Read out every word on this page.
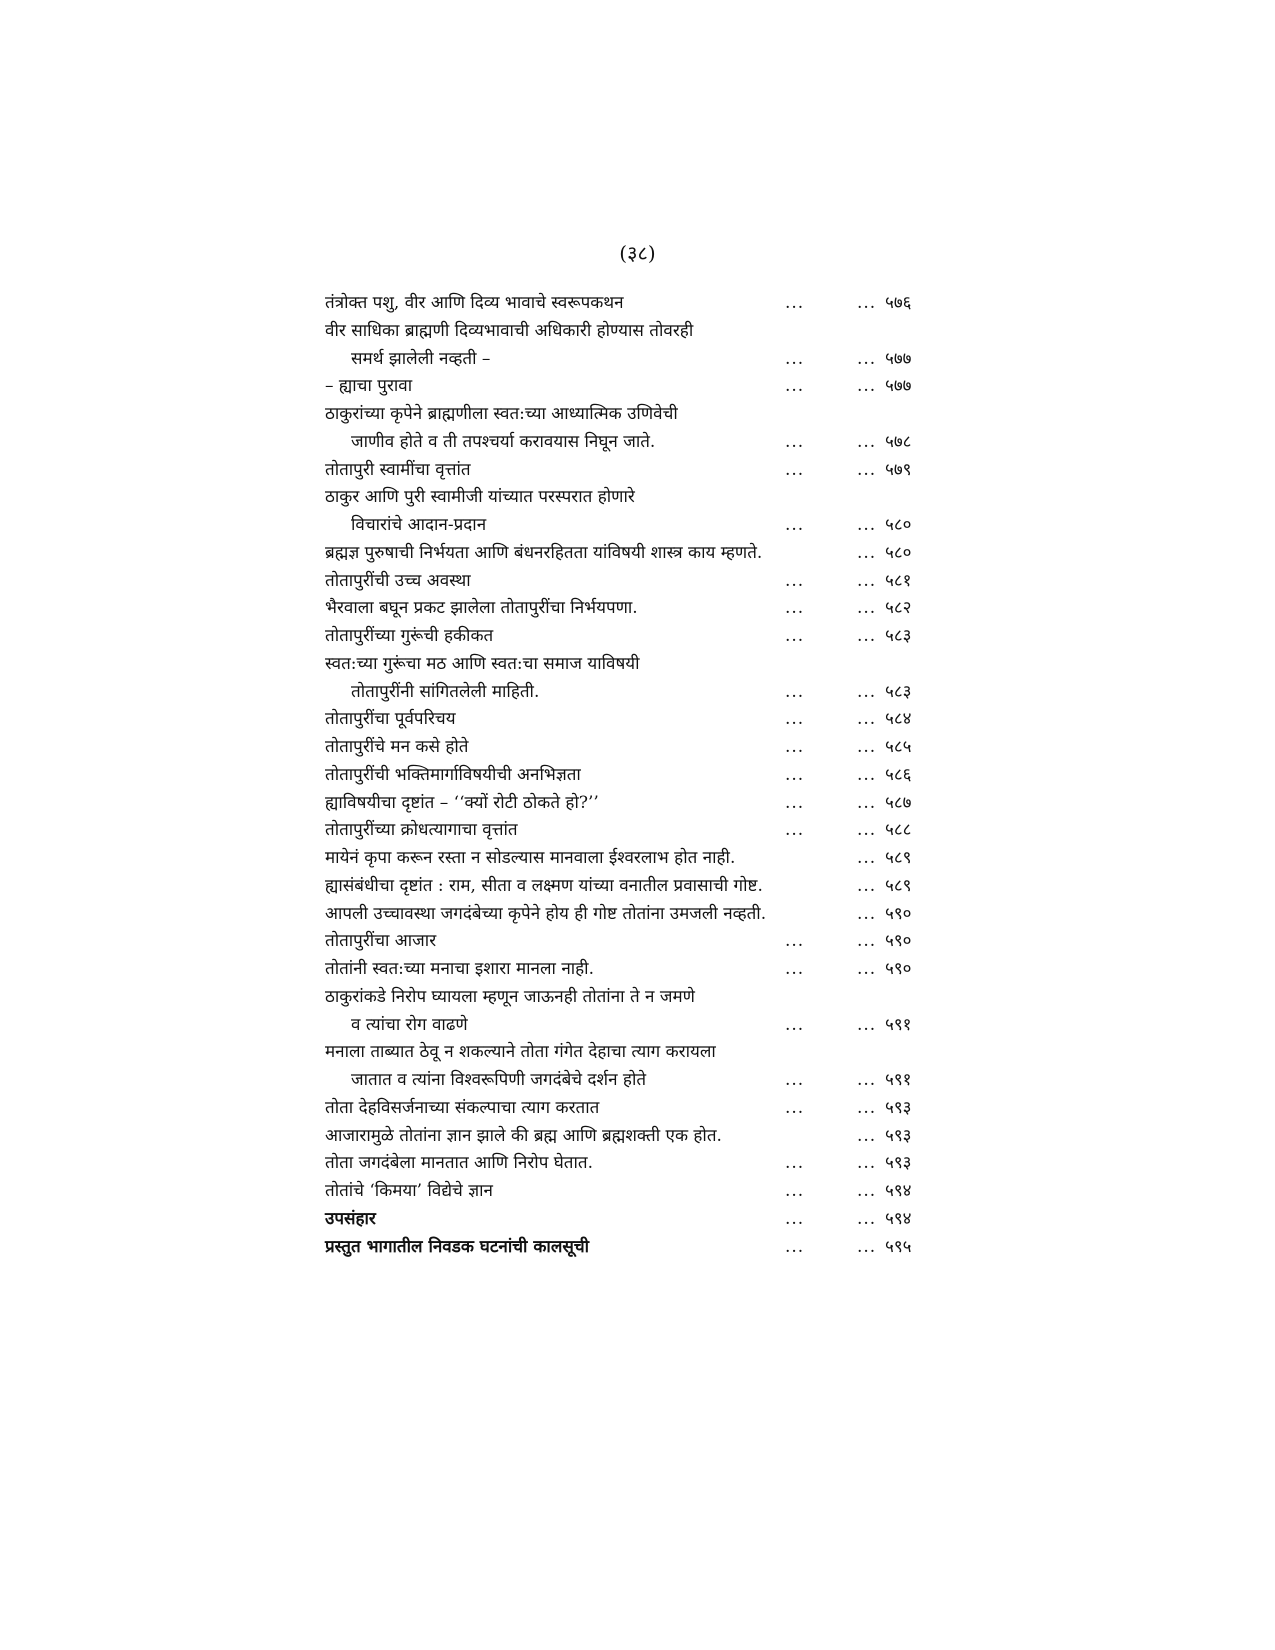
(३८)
तंत्रोक्त पशु, वीर आणि दिव्य भावाचे स्वरूपकथन	...	... ५७६
वीर साधिका ब्राह्मणी दिव्यभावाची अधिकारी होण्यास तोवरही
समर्थ झालेली नव्हती –	...	... ५७७
– ह्याचा पुरावा	...	... ५७७
ठाकुरांच्या कृपेने ब्राह्मणीला स्वत:च्या आध्यात्मिक उणिवेची
जाणीव होते व ती तपश्चर्या करावयास निघून जाते.	...	... ५७८
तोतापुरी स्वामींचा वृत्तांत	...	... ५७९
ठाकुर आणि पुरी स्वामीजी यांच्यात परस्परात होणारे
विचारांचे आदान-प्रदान	...	... ५८०
ब्रह्मज्ञ पुरुषाची निर्भयता आणि बंधनरहितता यांविषयी शास्त्र काय म्हणते.	... ५८०
तोतापुरींची उच्च अवस्था	...	... ५८१
भैरवाला बघून प्रकट झालेला तोतापुरींचा निर्भयपणा.	...	... ५८२
तोतापुरींच्या गुरूंची हकीकत	...	... ५८३
स्वत:च्या गुरूंचा मठ आणि स्वत:चा समाज याविषयी
तोतापुरींनी सांगितलेली माहिती.	...	... ५८३
तोतापुरींचा पूर्वपरिचय	...	... ५८४
तोतापुरींचे मन कसे होते	...	... ५८५
तोतापुरींची भक्तिमार्गाविषयीची अनभिज्ञता	...	... ५८६
ह्याविषयीचा दृष्टांत – ‘‘क्यों रोटी ठोकते हो?’’	...	... ५८७
तोतापुरींच्या क्रोधत्यागाचा वृत्तांत	...	... ५८८
मायेनं कृपा करून रस्ता न सोडल्यास मानवाला ईश्वरलाभ होत नाही.	... ५८९
ह्यासंबंधीचा दृष्टांत : राम, सीता व लक्ष्मण यांच्या वनातील प्रवासाची गोष्ट.	... ५८९
आपली उच्चावस्था जगदंबेच्या कृपेने होय ही गोष्ट तोतांना उमजली नव्हती.	... ५९०
तोतापुरींचा आजार	...	... ५९०
तोतांनी स्वत:च्या मनाचा इशारा मानला नाही.	...	... ५९०
ठाकुरांकडे निरोप घ्यायला म्हणून जाऊनही तोतांना ते न जमणे
व त्यांचा रोग वाढणे	...	... ५९१
मनाला ताब्यात ठेवू न शकल्याने तोता गंगेत देहाचा त्याग करायला
जातात व त्यांना विश्वरूपिणी जगदंबेचे दर्शन होते	...	... ५९१
तोता देहविसर्जनाच्या संकल्पाचा त्याग करतात	...	... ५९३
आजारामुळे तोतांना ज्ञान झाले की ब्रह्म आणि ब्रह्मशक्ती एक होत.	... ५९३
तोता जगदंबेला मानतात आणि निरोप घेतात.	...	... ५९३
तोतांचे ‘किमया’ विद्येचे ज्ञान	...	... ५९४
उपसंहार	...	... ५९४
प्रस्तुत भागातील निवडक घटनांची कालसूची	...	... ५९५
